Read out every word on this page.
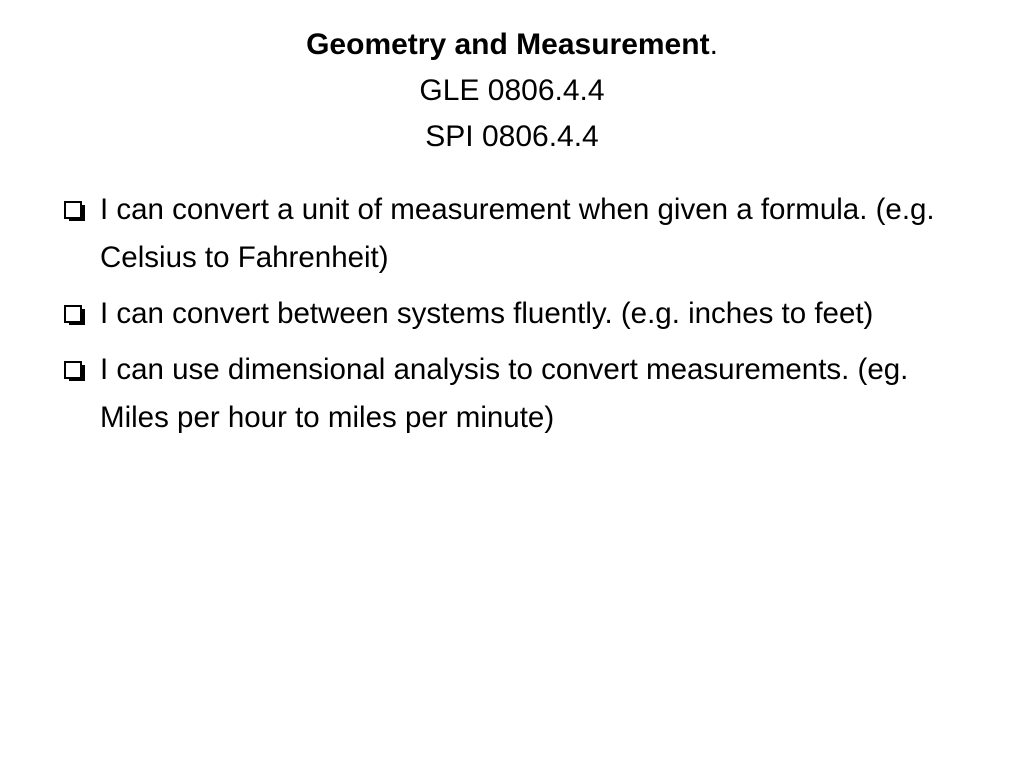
Geometry and Measurement.
GLE 0806.4.4
SPI 0806.4.4
I can convert a unit of measurement when given a formula. (e.g. Celsius to Fahrenheit)
I can convert between systems fluently. (e.g. inches to feet)
I can use dimensional analysis to convert measurements. (eg. Miles per hour to miles per minute)
